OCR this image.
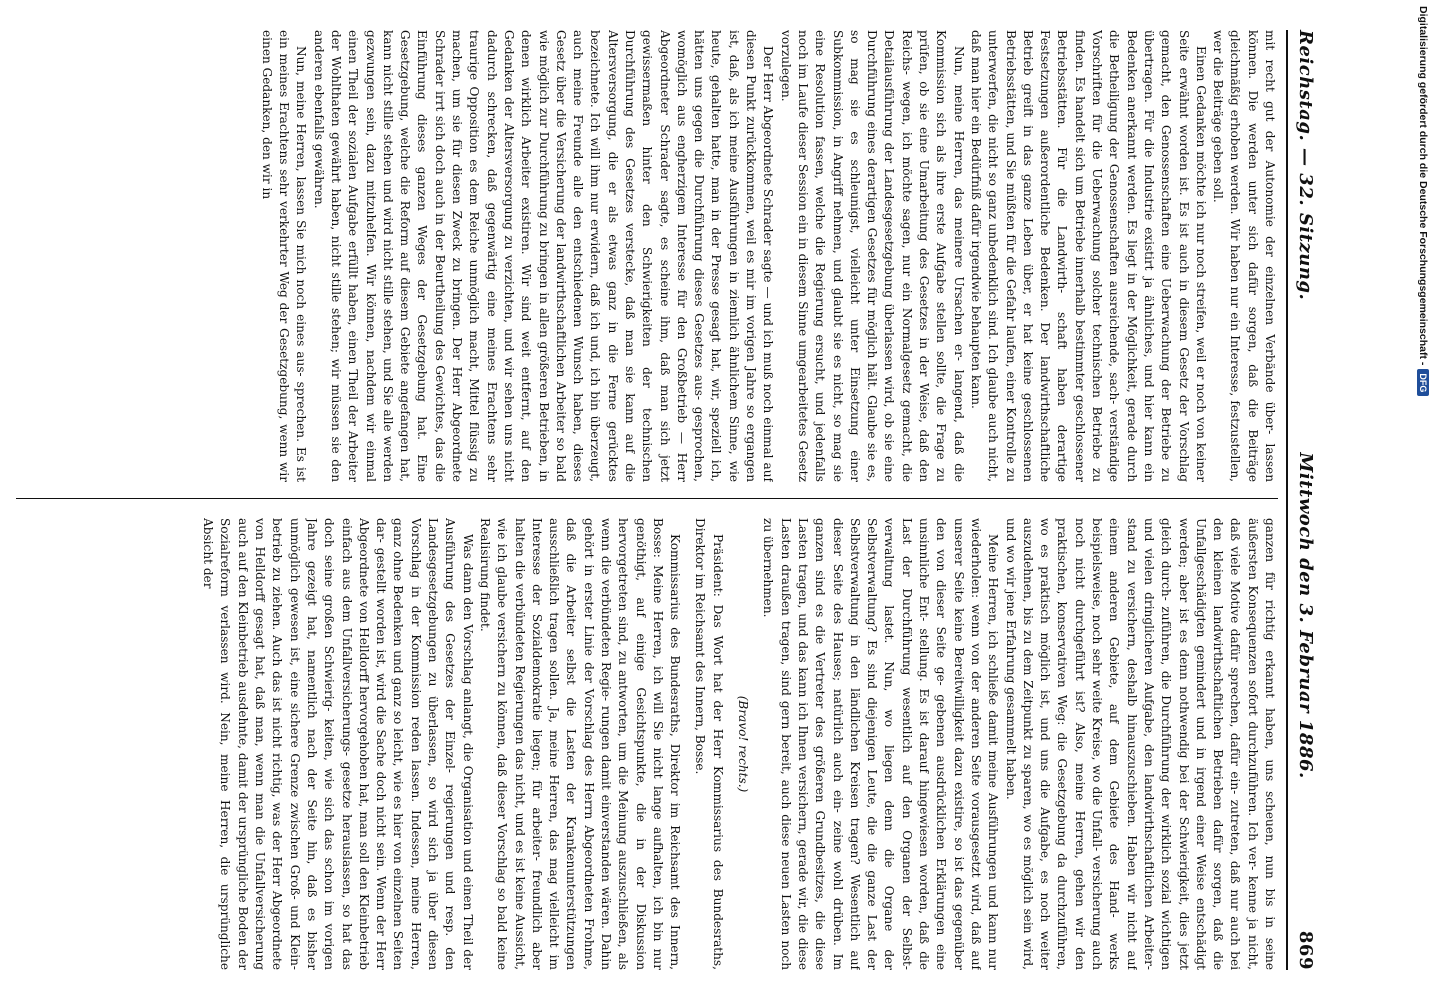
Reichstag. — 32. Sitzung.
Mittwoch den 3. Februar 1886.
869

mit recht gut der Autonomie der einzelnen Verbände über- lassen können. Die werden unter sich dafür sorgen, daß die Beiträge gleichmäßig erhoben werden. Wir haben nur ein Interesse, festzustellen, wer die Beiträge geben soll.

Einen Gedanken möchte ich nur noch streifen, weil er noch von keiner Seite erwähnt worden ist. Es ist auch in diesem Gesetz der Vorschlag gemacht, den Genossenschaften eine Ueberwachung der Betriebe zu übertragen. Für die Industrie existirt ja ähnliches, und hier kann ein Bedenken anerkannt werden. Es liegt in der Möglichkeit, gerade durch die Betheiligung der Genossenschaften ausreichende, sach- verständige Vorschriften für die Ueberwachung solcher technischen Betriebe zu finden. Es handelt sich um Betriebe innerhalb bestimmter geschlossener Betriebsstätten. Für die Landwirth- schaft haben derartige Festsetzungen außerordentliche Bedenken. Der landwirthschaftliche Betrieb greift in das ganze Leben über, er hat keine geschlossenen Betriebsstätten, und Sie müßten für die Gefahr laufen, einer Kontrolle zu unterwerfen, die nicht so ganz unbedenklich sind. Ich glaube auch nicht, daß man hier ein Bedürfniß dafür irgendwie behaupten kann.

Nun, meine Herren, das meinere Ursachen er- langend, daß die Kommission sich als ihre erste Aufgabe stellen sollte, die Frage zu prüfen, ob sie eine Umarbeitung des Gesetzes in der Weise, daß den Reichs- wegen, ich möchte sagen, nur ein Normalgesetz gemacht, die Detailausführung der Landesgesetzgebung überlassen wird, ob sie eine Durchführung eines derartigen Gesetzes für möglich hält. Glaube sie es, so mag sie es schleunigst, vielleicht unter Einsetzung einer Subkommission, in Angriff nehmen, und glaubt sie es nicht, so mag sie eine Resolution fassen, welche die Regierung ersucht, und jedenfalls noch im Laufe dieser Session ein in diesem Sinne umgearbeitetes Gesetz vorzulegen.

Der Herr Abgeordnete Schrader sagte — und ich muß noch einmal auf diesen Punkt zurückkommen, weil es mir im vorigen Jahre so ergangen ist, daß, als ich meine Ausführungen in ziemlich ähnlichem Sinne, wie heute, gehalten hatte, man in der Presse gesagt hat, wir, speziell ich, hätten uns gegen die Durchführung dieses Gesetzes aus- gesprochen, womöglich aus engherzigem Interesse für den Großbetrieb — Herr Abgeordneter Schrader sagte, es scheine ihm, daß man sich jetzt gewissermaßen hinter den Schwierigkeiten der technischen Durchführung des Gesetzes verstecke, daß man sie kann auf die Altersversorgung, die er als etwas ganz in die Ferne gerücktes bezeichnete. Ich will ihm nur erwidern, daß ich und, ich bin überzeugt, auch meine Freunde alle den entschiedenen Wunsch haben, dieses Gesetz über die Versicherung der landwirthschaftlichen Arbeiter so bald wie möglich zur Durchführung zu bringen in allen größeren Betrieben, in denen wirklich Arbeiter existiren. Wir sind weit entfernt, auf den Gedanken der Altersversorgung zu verzichten, und wir sehen uns nicht dadurch schrecken, daß gegenwärtig eine meines Erachtens sehr traurige Opposition es dem Reiche unmöglich macht, Mittel flüssig zu machen, um sie für diesen Zweck zu bringen. Der Herr Abgeordnete Schrader irrt sich doch auch in der Beurtheilung des Gewichtes, das die Einführung dieses ganzen Weges der Gesetzgebung hat. Eine Gesetzgebung, welche die Reform auf diesem Gebiete angefangen hat, kann nicht stille stehen und wird nicht stille stehen, und Sie alle werden gezwungen sein, dazu mitzuhelfen. Wir können, nachdem wir einmal einen Theil der sozialen Aufgabe erfüllt haben, einen Theil der Arbeiter der Wohlthaten gewährt haben, nicht stille stehen; wir müssen sie den anderen ebenfalls gewähren.

Nun, meine Herren, lassen Sie mich noch eines aus- sprechen. Es ist ein meines Erachtens sehr verkehrter Weg der Gesetzgebung, wenn wir einen Gedanken, den wir in

ganzen für richtig erkannt haben, uns scheuen, nun bis in seine äußersten Konsequenzen sofort durchzuführen. Ich ver- kenne ja nicht, daß viele Motive dafür sprechen, dafür ein- zutreten, daß nur auch bei den kleinen landwirthschaftlichen Betrieben dafür sorgen, daß die Unfallgeschädigten gemindert und in irgend einer Weise entschädigt werden; aber ist es denn nothwendig bei der Schwierigkeit, dies jetzt gleich durch- zuführen, die Durchführung der wirklich sozial wichtigen und vielen dringlicheren Aufgabe, den landwirthschaftlichen Arbeiter- stand zu versichern, deshalb hinauszuschieben. Haben wir nicht auf einem anderen Gebiete, auf dem Gebiete des Hand- werks beispielsweise, noch sehr weite Kreise, wo die Unfall- versicherung auch noch nicht durchgeführt ist? Also, meine Herren, gehen wir den praktischen, konservativen Weg: die Gesetzgebung da durchzuführen, wo es praktisch möglich ist, und uns die Aufgabe, es noch weiter auszudehnen, bis zu dem Zeitpunkt zu sparen, wo es möglich sein wird, und wo wir jene Erfahrung gesammelt haben.

Meine Herren, ich schließe damit meine Ausführungen und kann nur wiederholen: wenn von der anderen Seite vorausgesetzt wird, daß auf unserer Seite keine Bereitwilligkeit dazu existire, so ist das gegenüber den von dieser Seite ge- gebenen ausdrücklichen Erklärungen eine unsinnliche Ent- stellung. Es ist darauf hingewiesen worden, daß die Last der Durchführung wesentlich auf den Organen der Selbst- verwaltung lastet. Nun, wo liegen denn die Organe der Selbstverwaltung? Es sind diejenigen Leute, die die ganze Last der Selbstverwaltung in den ländlichen Kreisen tragen? Wesentlich auf dieser Seite des Hauses; natürlich auch ein- zeine wohl drüben. Im ganzen sind es die Vertreter des größeren Grundbesitzes, die diese Lasten tragen, und das kann ich Ihnen versichern, gerade wir, die diese Lasten draußen tragen, sind gern bereit, auch diese neuen Lasten noch zu übernehmen.

(Bravo! rechts.)

Präsident: Das Wort hat der Herr Kommissarius des Bundesraths, Direktor im Reichsamt des Innern, Bosse.

Kommissarius des Bundesraths, Direktor im Reichsamt des Innern, Bosse: Meine Herren, ich will Sie nicht lange aufhalten, ich bin nur genöthigt, auf einige Gesichtspunkte, die in der Diskussion hervorgetreten sind, zu antworten, um die Meinung auszuschließen, als wenn die verbündeten Regie- rungen damit einverstanden wären. Dahin gehört in erster Linie der Vorschlag des Herrn Abgeordneten Frohme, daß die Arbeiter selbst die Lasten der Krankenunterstützungen ausschließlich tragen sollen. Ja, meine Herren, das mag vielleicht im Interesse der Sozialdemokratie liegen; für arbeiter- freundlich aber halten die verbündeten Regierungen das nicht, und es ist keine Aussicht, wie ich glaube versichern zu können, daß dieser Vorschlag so bald keine Realisirung findet.

Was dann den Vorschlag anlangt, die Organisation und einen Theil der Ausführung des Gesetzes der Einzel- regierungen und resp. den Landesgesetzgebungen zu überlassen, so wird sich ja über diesen Vorschlag in der Kommission reden lassen. Indessen, meine Herren, ganz ohne Bedenken und ganz so leicht, wie es hier von einzelnen Seiten dar- gestellt worden ist, wird die Sache doch nicht sein. Wenn der Herr Abgeordnete von Helldorff hervorgehoben hat, man soll den Kleinbetrieb einfach aus dem Unfallversicherungs- gesetze herauslassen, so hat das doch seine großen Schwierig- keiten, wie sich das schon im vorigen Jahre gezeigt hat, namentlich nach der Seite hin, daß es bisher unmöglich gewesen ist, eine sichere Grenze zwischen Groß- und Klein- betrieb zu ziehen. Auch das ist nicht richtig, was der Herr Abgeordnete von Helldorff gesagt hat, daß man, wenn man die Unfallversicherung auch auf den Kleinbetrieb ausdehnte, damit der ursprüngliche Boden der Sozialreform verlassen wird. Nein, meine Herren, die ursprüngliche Absicht der

Digitalisierung gefördert durch die Deutsche Forschungsgemeinschaft -
DFG
